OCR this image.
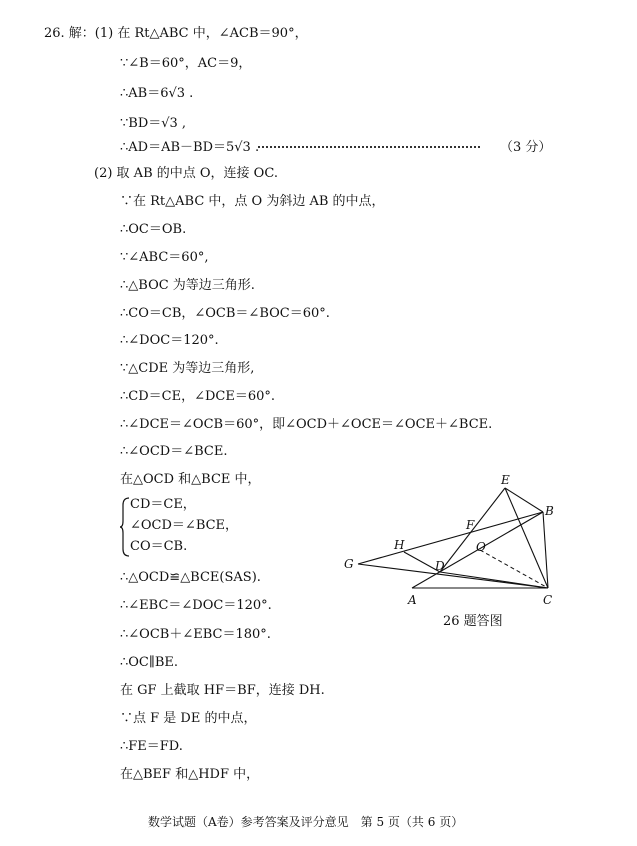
26. 解：(1) 在 Rt△ABC 中，∠ACB＝90°，
∵∠B＝60°，AC＝9，
∴AB＝6√3 .
∵BD＝√3 ,
∴AD＝AB－BD＝5√3 .	（3 分）
(2) 取 AB 的中点 O，连接 OC.
∵在 Rt△ABC 中，点 O 为斜边 AB 的中点，
∴OC＝OB.
∵∠ABC＝60°,
∴△BOC 为等边三角形.
∴CO＝CB，∠OCB＝∠BOC＝60°.
∴∠DOC＝120°.
∵△CDE 为等边三角形,
∴CD＝CE，∠DCE＝60°.
∴∠DCE＝∠OCB＝60°，即∠OCD＋∠OCE＝∠OCE＋∠BCE.
∴∠OCD＝∠BCE.
在△OCD 和△BCE 中，
CD＝CE，
∠OCD＝∠BCE，
CO＝CB.
∴△OCD≌△BCE(SAS).
∴∠EBC＝∠DOC＝120°.
∴∠OCB＋∠EBC＝180°.
∴OC∥BE.
在 GF 上截取 HF＝BF，连接 DH.
∵点 F 是 DE 的中点，
∴FE＝FD.
在△BEF 和△HDF 中，
E
B
F
H	O
G	D
A	C
26 题答图
数学试题（A卷）参考答案及评分意见　第 5 页（共 6 页）
